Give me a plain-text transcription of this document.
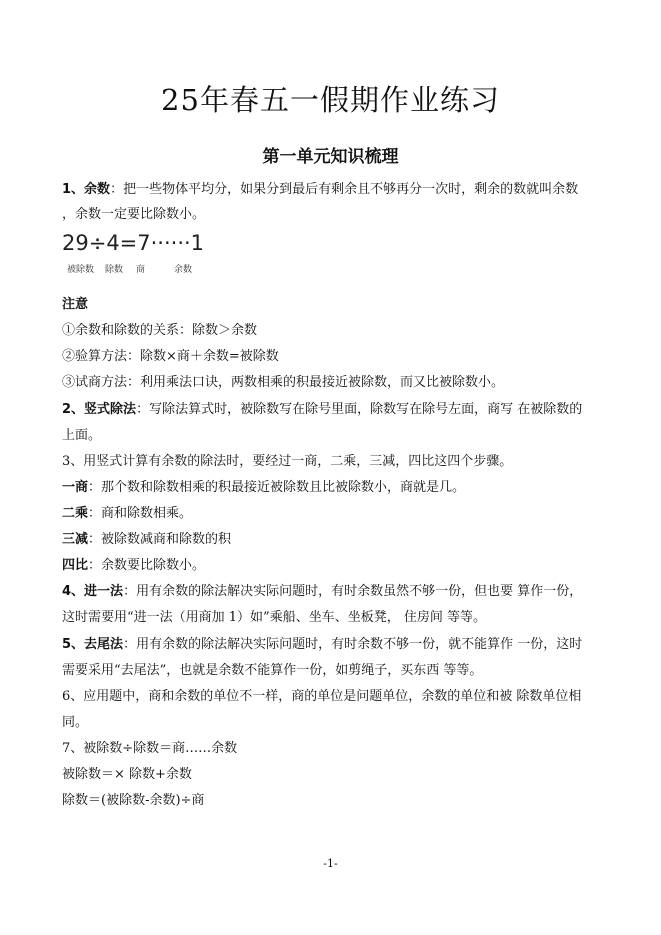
25年春五一假期作业练习
第一单元知识梳理
1、余数：把一些物体平均分，如果分到最后有剩余且不够再分一次时，剩余的数就叫余数
，余数一定要比除数小。
29÷4=7······1
被除数 除数 商	余数
注意
①余数和除数的关系：除数＞余数
②验算方法：除数×商＋余数=被除数
③试商方法：利用乘法口诀，两数相乘的积最接近被除数，而又比被除数小。
2、竖式除法：写除法算式时，被除数写在除号里面，除数写在除号左面，商写 在被除数的
上面。
3、用竖式计算有余数的除法时，要经过一商，二乘，三减，四比这四个步骤。
一商：那个数和除数相乘的积最接近被除数且比被除数小，商就是几。
二乘：商和除数相乘。
三减：被除数减商和除数的积
四比：余数要比除数小。
4、进一法：用有余数的除法解决实际问题时，有时余数虽然不够一份，但也要 算作一份，
这时需要用“进一法（用商加 1）如”乘船、坐车、坐板凳， 住房间 等等。
5、去尾法：用有余数的除法解决实际问题时，有时余数不够一份，就不能算作 一份，这时
需要采用“去尾法”，也就是余数不能算作一份，如剪绳子，买东西 等等。
6、应用题中，商和余数的单位不一样，商的单位是问题单位，余数的单位和被 除数单位相
同。
7、被除数÷除数＝商……余数
被除数＝× 除数+余数
除数＝(被除数-余数)÷商
-1-
